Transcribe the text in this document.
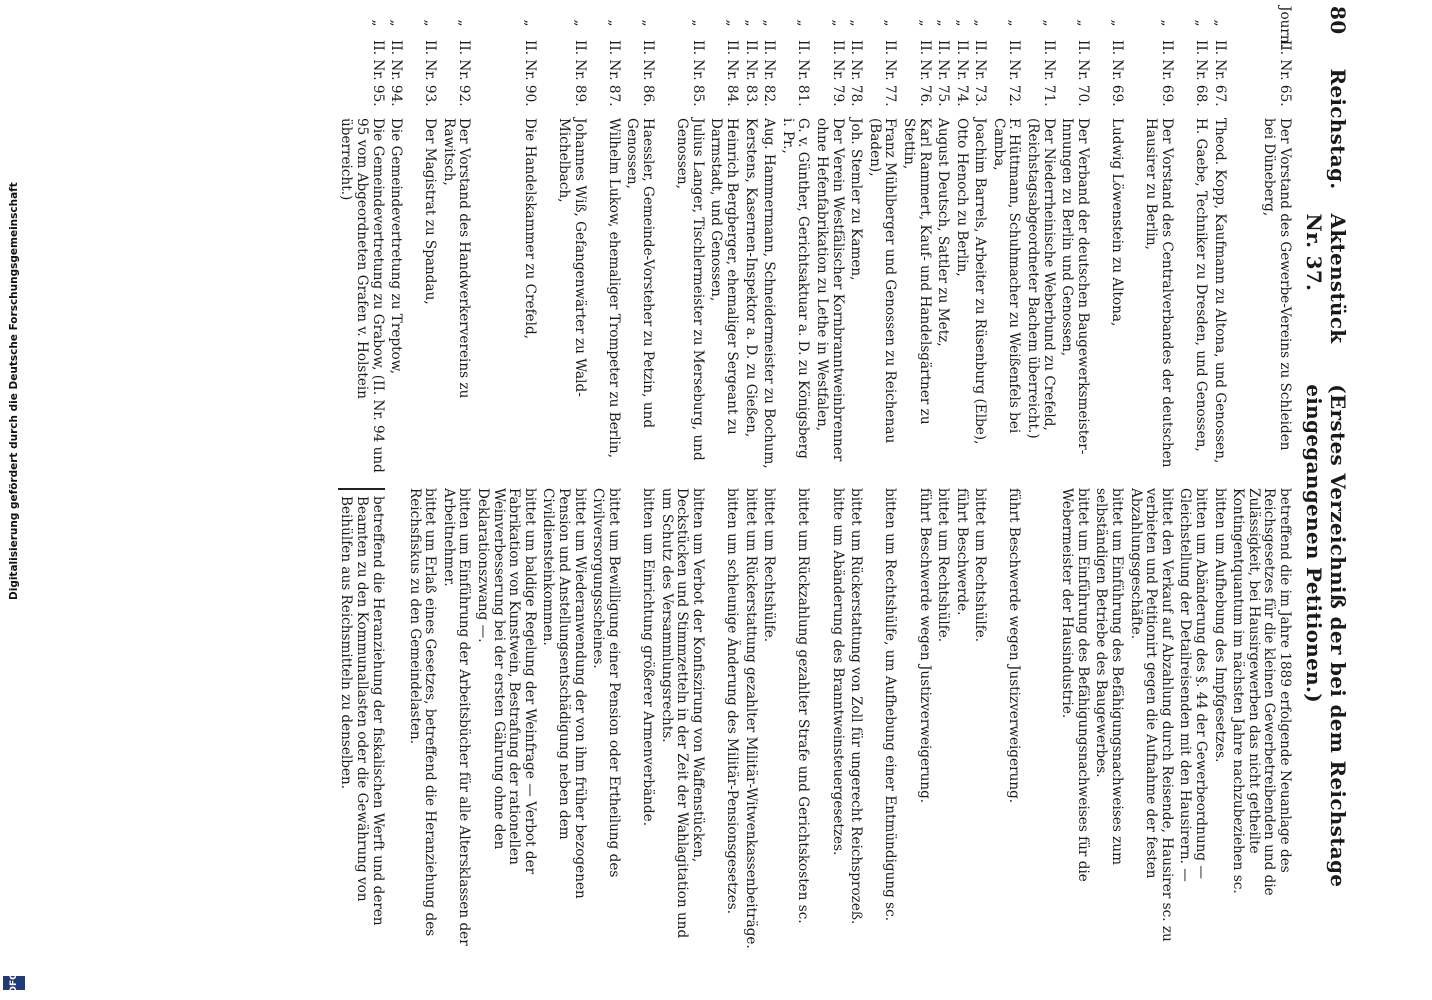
80
Reichstag.
Aktenstück Nr. 37.
(Erstes Verzeichniß der bei dem Reichstage eingegangenen Petitionen.)
Journ.II. Nr. 65.
Der Vorstand des Gewerbe-Vereins zu Schleiden bei Düneberg,
betreffend die im Jahre 1889 erfolgende Neuanlage des Reichsgesetzes für die kleinen Gewerbetreibenden und die Zulässigkeit, bei Hausirgewerben das nicht getheilte Kontingentquantum im nächsten Jahre nachzubeziehen sc.
„II. Nr. 67.
Theod. Kopp, Kaufmann zu Altona, und Genossen,
bitten um Aufhebung des Impfgesetzes.
„II. Nr. 68.
H. Gaebe, Techniker zu Dresden, und Genossen,
bitten um Abänderung des §. 44 der Gewerbeordnung — Gleichstellung der Detailreisenden mit den Hausirern. —
„II. Nr. 69.
Der Vorstand des Centralverbandes der deutschen Hausirer zu Berlin,
bittet den Verkauf auf Abzahlung durch Reisende, Hausirer sc. zu verbieten und Petitionirt gegen die Aufnahme der festen Abzahlungsgeschäfte.
„II. Nr. 69.
Ludwig Löwenstein zu Altona,
bittet um Einführung des Befähigungsnachweises zum selbständigen Betriebe des Baugewerbes.
„II. Nr. 70.
Der Verband der deutschen Baugewerksmeister-Innungen zu Berlin und Genossen,
bittet um Einführung des Befähigungsnachweises für die Webermeister der Hausindustrie.
„II. Nr. 71.
Der Niederrheinische Weberbund zu Crefeld, (Reichstagsabgeordneter Bachem überreicht.)
„II. Nr. 72.
F. Hüttmann, Schuhmacher zu Weißenfels bei Camba,
führt Beschwerde wegen Justizverweigerung.
„II. Nr. 73.
Joachim Barrels, Arbeiter zu Rüsenburg (Elbe),
bittet um Rechtshülfe.
„II. Nr. 74.
Otto Henoch zu Berlin,
führt Beschwerde.
„II. Nr. 75.
August Deutsch, Sattler zu Metz,
bittet um Rechtshülfe.
„II. Nr. 76.
Karl Rammert, Kauf- und Handelsgärtner zu Stettin,
führt Beschwerde wegen Justizverweigerung.
„II. Nr. 77.
Franz Mühlberger und Genossen zu Reichenau (Baden),
bitten um Rechtshülfe, um Aufhebung einer Entmündigung sc.
„II. Nr. 78.
Joh. Stemler zu Kamen,
bittet um Rückerstattung von Zoll für ungerecht Reichsprozeß.
„II. Nr. 79.
Der Verein Westfälischer Kornbranntweinbrenner ohne Hefenfabrikation zu Lethe in Westfalen,
bitte um Abänderung des Branntweinsteuergesetzes.
„II. Nr. 81.
G. v. Günther, Gerichtsaktuar a. D. zu Königsberg i. Pr.,
bittet um Rückzahlung gezahlter Strafe und Gerichtskosten sc.
„II. Nr. 82.
Aug. Hammermann, Schneidermeister zu Bochum,
bittet um Rechtshülfe.
„II. Nr. 83.
Kerstens, Kasernen-Inspektor a. D. zu Gießen,
bittet um Rückerstattung gezahlter Militär-Witwenkassenbeiträge.
„II. Nr. 84.
Heinrich Bergberger, ehemaliger Sergeant zu Darmstadt, und Genossen,
bitten um schleunige Änderung des Militär-Pensionsgesetzes.
„II. Nr. 85.
Julius Langer, Tischlermeister zu Merseburg, und Genossen,
bitten um Verbot der Konfiszirung von Waffenstücken, Deckstücken und Stimmzetteln in der Zeit der Wahlagitation und um Schutz des Versammlungsrechts.
„II. Nr. 86.
Haessler, Gemeinde-Vorsteher zu Petzin, und Genossen,
bitten um Einrichtung größerer Armenverbände.
„II. Nr. 87.
Wilhelm Lukow, ehemaliger Trompeter zu Berlin,
bittet um Bewilligung einer Pension oder Ertheilung des Civilversorgungsscheines.
„II. Nr. 89.
Johannes Wiß, Gefangenwärter zu Wald-Michelbach,
bittet um Wiederanwendung der von ihm früher bezogenen Pension und Anstellungsentschädigung neben dem Civildiensteinkommen.
„II. Nr. 90.
Die Handelskammer zu Crefeld,
bittet um baldige Regelung der Weinfrage — Verbot der Fabrikation von Kunstwein, Bestrafung der rationellen Weinverbesserung bei der ersten Gährung ohne den Deklarationszwang —.
„II. Nr. 92.
Der Vorstand des Handwerkervereins zu Rawitsch,
bitten um Einführung der Arbeitsbücher für alle Altersklassen der Arbeitnehmer.
„II. Nr. 93.
Der Magistrat zu Spandau,
bittet um Erlaß eines Gesetzes, betreffend die Heranziehung des Reichsfiskus zu den Gemeindelasten.
„II. Nr. 94.
Die Gemeindevertretung zu Treptow,
„II. Nr. 95.
Die Gemeindevertretung zu Grabow, (II. Nr. 94 und 95 vom Abgeordneten Grafen v. Holstein überreicht.)
betreffend die Heranziehung der fiskalischen Werft und deren Beamten zu den Kommunallasten oder die Gewährung von Beihülfen aus Reichsmitteln zu denselben.
Digitalisierung gefördert durch die Deutsche Forschungsgemeinschaft
DFG
